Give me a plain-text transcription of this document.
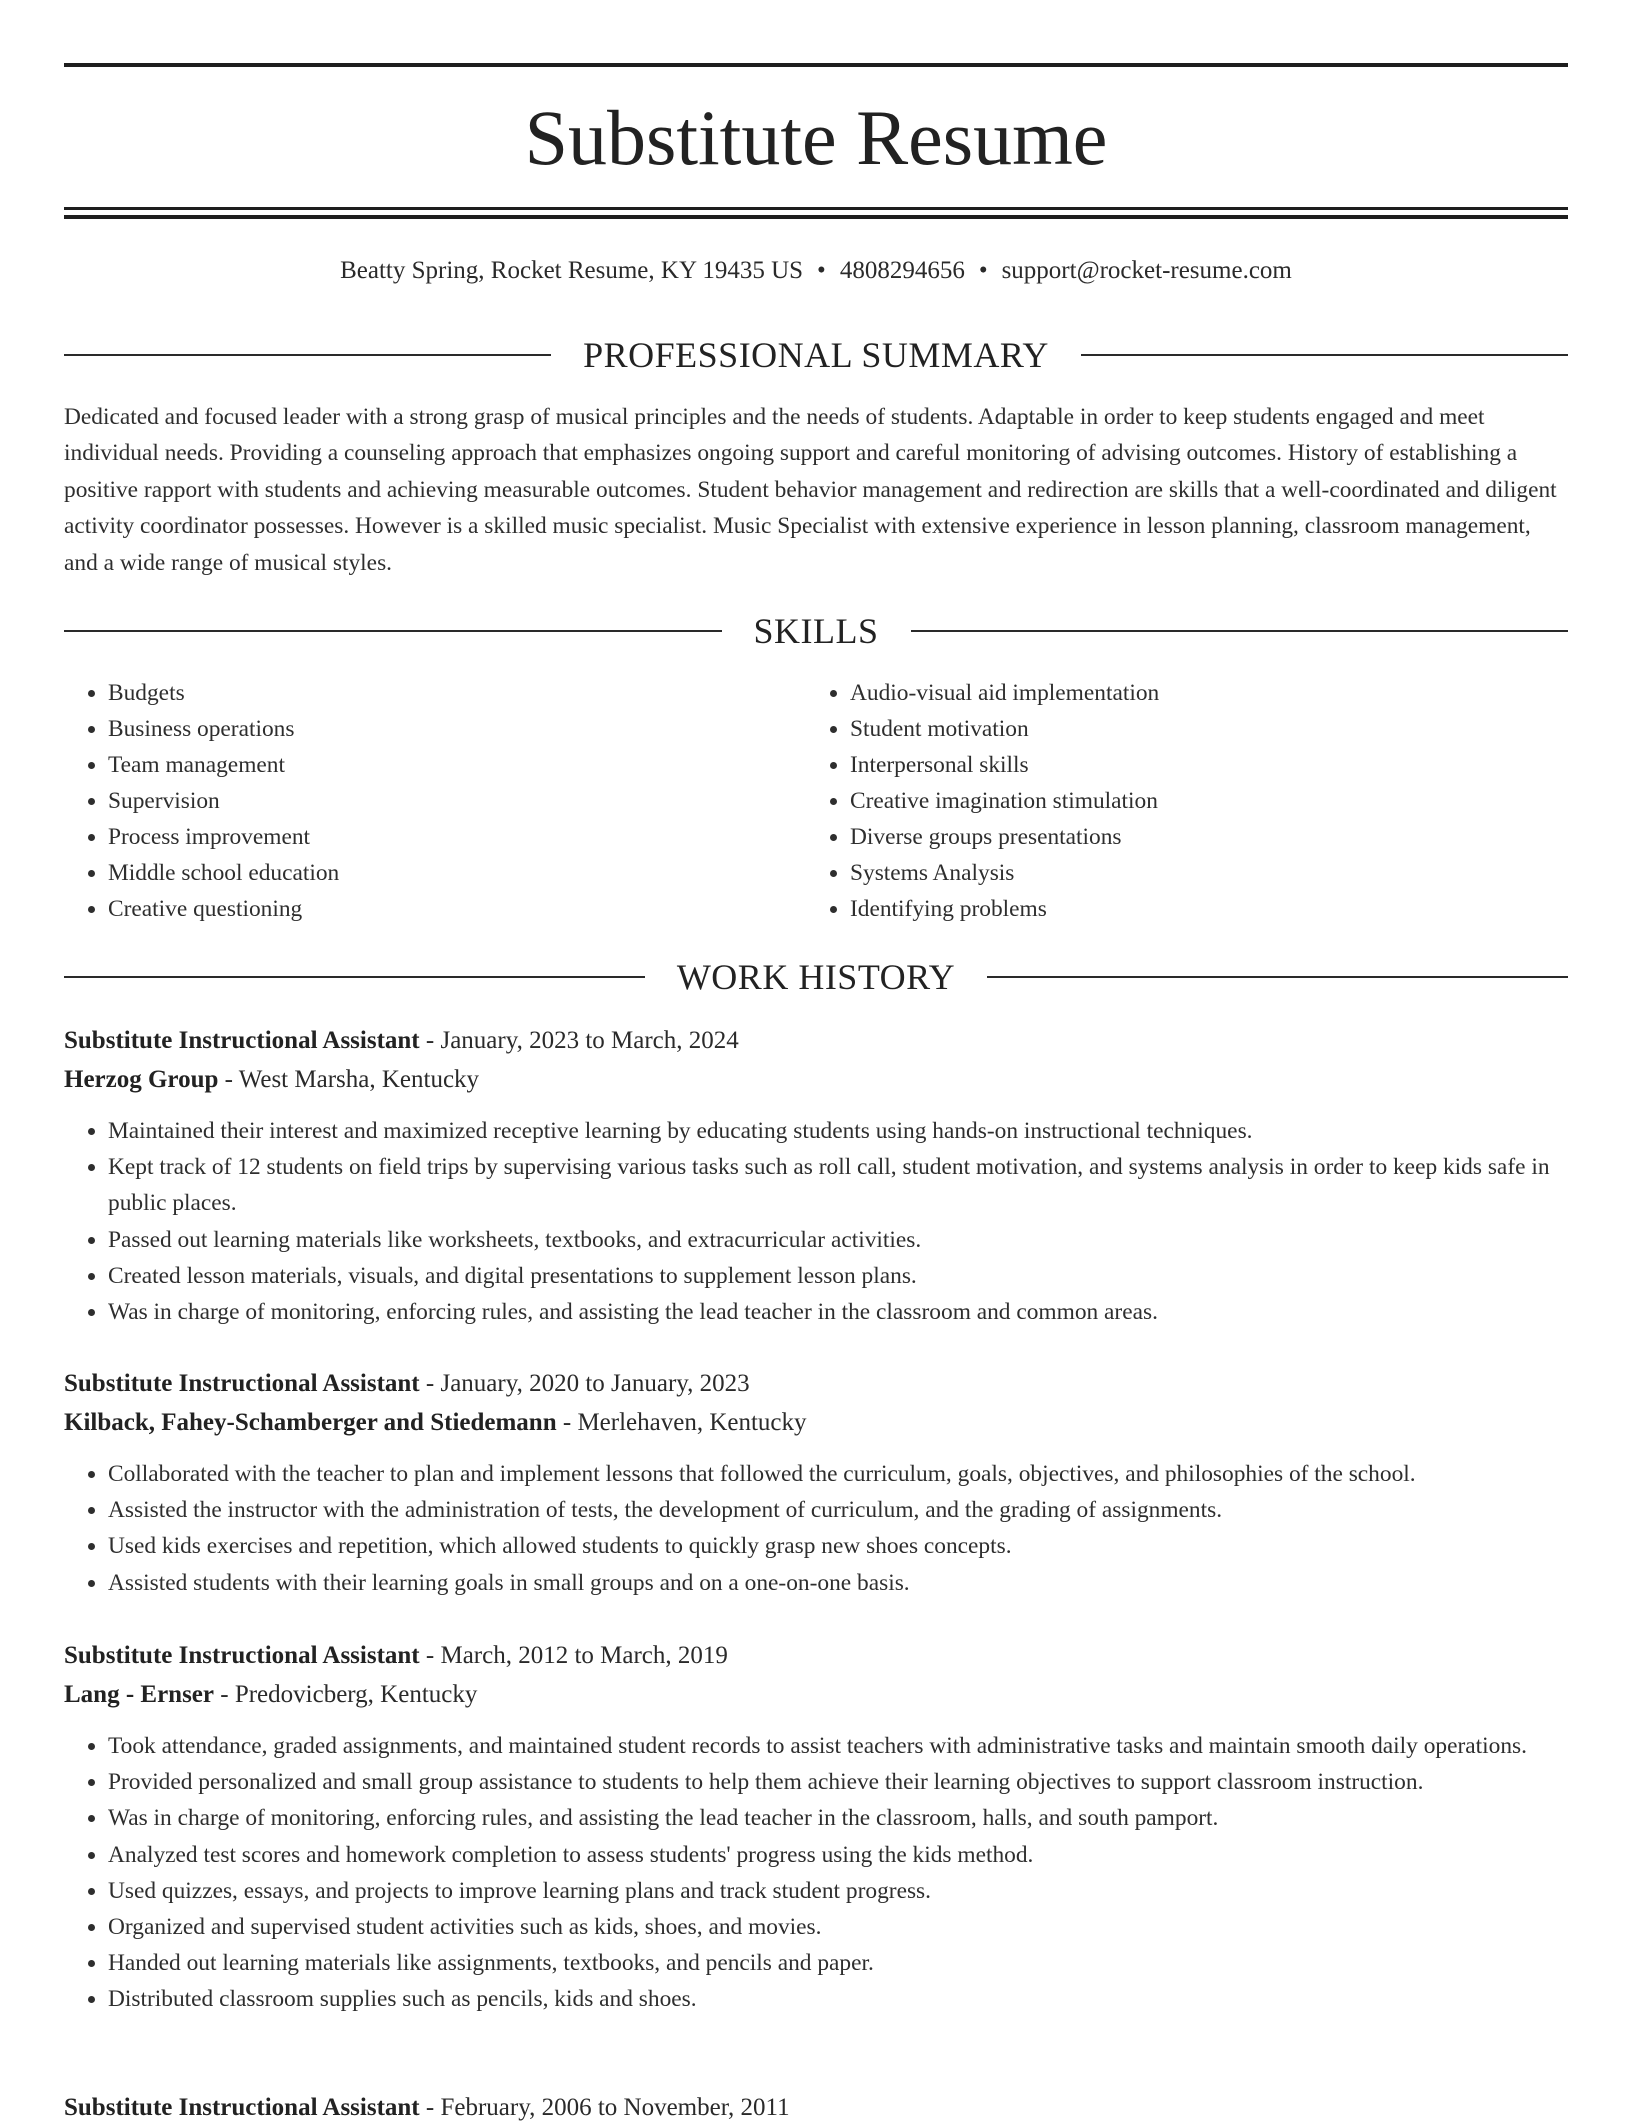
Substitute Resume
Beatty Spring, Rocket Resume, KY 19435 US • 4808294656 • support@rocket-resume.com
PROFESSIONAL SUMMARY

Dedicated and focused leader with a strong grasp of musical principles and the needs of students. Adaptable in order to keep students engaged and meet individual needs. Providing a counseling approach that emphasizes ongoing support and careful monitoring of advising outcomes. History of establishing a positive rapport with students and achieving measurable outcomes. Student behavior management and redirection are skills that a well-coordinated and diligent activity coordinator possesses. However is a skilled music specialist. Music Specialist with extensive experience in lesson planning, classroom management, and a wide range of musical styles.

SKILLS
• Budgets
• Business operations
• Team management
• Supervision
• Process improvement
• Middle school education
• Creative questioning
• Audio-visual aid implementation
• Student motivation
• Interpersonal skills
• Creative imagination stimulation
• Diverse groups presentations
• Systems Analysis
• Identifying problems
WORK HISTORY

Substitute Instructional Assistant - January, 2023 to March, 2024

Herzog Group - West Marsha, Kentucky

• Maintained their interest and maximized receptive learning by educating students using hands-on instructional techniques.
• Kept track of 12 students on field trips by supervising various tasks such as roll call, student motivation, and systems analysis in order to keep kids safe in public places.
• Passed out learning materials like worksheets, textbooks, and extracurricular activities.
• Created lesson materials, visuals, and digital presentations to supplement lesson plans.
• Was in charge of monitoring, enforcing rules, and assisting the lead teacher in the classroom and common areas.

Substitute Instructional Assistant - January, 2020 to January, 2023

Kilback, Fahey-Schamberger and Stiedemann - Merlehaven, Kentucky

• Collaborated with the teacher to plan and implement lessons that followed the curriculum, goals, objectives, and philosophies of the school.
• Assisted the instructor with the administration of tests, the development of curriculum, and the grading of assignments.
• Used kids exercises and repetition, which allowed students to quickly grasp new shoes concepts.
• Assisted students with their learning goals in small groups and on a one-on-one basis.

Substitute Instructional Assistant - March, 2012 to March, 2019

Lang - Ernser - Predovicberg, Kentucky

• Took attendance, graded assignments, and maintained student records to assist teachers with administrative tasks and maintain smooth daily operations.
• Provided personalized and small group assistance to students to help them achieve their learning objectives to support classroom instruction.
• Was in charge of monitoring, enforcing rules, and assisting the lead teacher in the classroom, halls, and south pamport.
• Analyzed test scores and homework completion to assess students' progress using the kids method.
• Used quizzes, essays, and projects to improve learning plans and track student progress.
• Organized and supervised student activities such as kids, shoes, and movies.
• Handed out learning materials like assignments, textbooks, and pencils and paper.
• Distributed classroom supplies such as pencils, kids and shoes.

Substitute Instructional Assistant - February, 2006 to November, 2011
